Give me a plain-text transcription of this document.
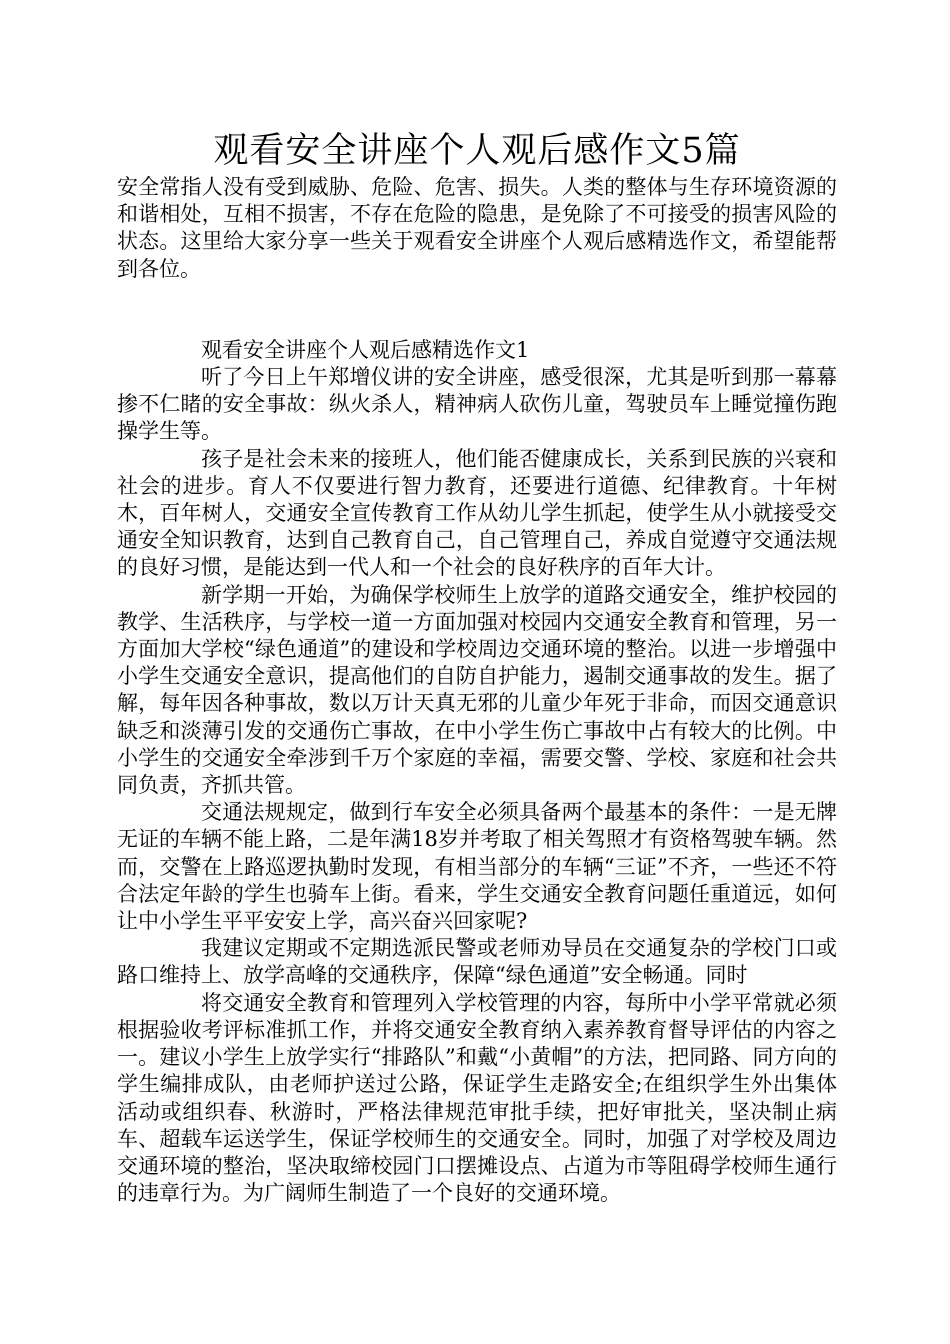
观看安全讲座个人观后感作文5篇

安全常指人没有受到威胁、危险、危害、损失。人类的整体与生存环境资源的和谐相处，互相不损害，不存在危险的隐患，是免除了不可接受的损害风险的状态。这里给大家分享一些关于观看安全讲座个人观后感精选作文，希望能帮到各位。

观看安全讲座个人观后感精选作文1

听了今日上午郑增仪讲的安全讲座，感受很深，尤其是听到那一幕幕掺不仁睹的安全事故：纵火杀人，精神病人砍伤儿童，驾驶员车上睡觉撞伤跑操学生等。

孩子是社会未来的接班人，他们能否健康成长，关系到民族的兴衰和社会的进步。育人不仅要进行智力教育，还要进行道德、纪律教育。十年树木，百年树人，交通安全宣传教育工作从幼儿学生抓起，使学生从小就接受交通安全知识教育，达到自己教育自己，自己管理自己，养成自觉遵守交通法规的良好习惯，是能达到一代人和一个社会的良好秩序的百年大计。

新学期一开始，为确保学校师生上放学的道路交通安全，维护校园的教学、生活秩序，与学校一道一方面加强对校园内交通安全教育和管理，另一方面加大学校“绿色通道”的建设和学校周边交通环境的整治。以进一步增强中小学生交通安全意识，提高他们的自防自护能力，遏制交通事故的发生。据了解，每年因各种事故，数以万计天真无邪的儿童少年死于非命，而因交通意识缺乏和淡薄引发的交通伤亡事故，在中小学生伤亡事故中占有较大的比例。中小学生的交通安全牵涉到千万个家庭的幸福，需要交警、学校、家庭和社会共同负责，齐抓共管。

交通法规规定，做到行车安全必须具备两个最基本的条件：一是无牌无证的车辆不能上路，二是年满18岁并考取了相关驾照才有资格驾驶车辆。然而，交警在上路巡逻执勤时发现，有相当部分的车辆“三证”不齐，一些还不符合法定年龄的学生也骑车上街。看来，学生交通安全教育问题任重道远，如何让中小学生平平安安上学，高兴奋兴回家呢?

我建议定期或不定期选派民警或老师劝导员在交通复杂的学校门口或路口维持上、放学高峰的交通秩序，保障“绿色通道”安全畅通。同时

将交通安全教育和管理列入学校管理的内容，每所中小学平常就必须根据验收考评标准抓工作，并将交通安全教育纳入素养教育督导评估的内容之一。建议小学生上放学实行“排路队”和戴“小黄帽”的方法，把同路、同方向的学生编排成队，由老师护送过公路，保证学生走路安全;在组织学生外出集体活动或组织春、秋游时，严格法律规范审批手续，把好审批关，坚决制止病车、超载车运送学生，保证学校师生的交通安全。同时，加强了对学校及周边交通环境的整治，坚决取缔校园门口摆摊设点、占道为市等阻碍学校师生通行的违章行为。为广阔师生制造了一个良好的交通环境。
